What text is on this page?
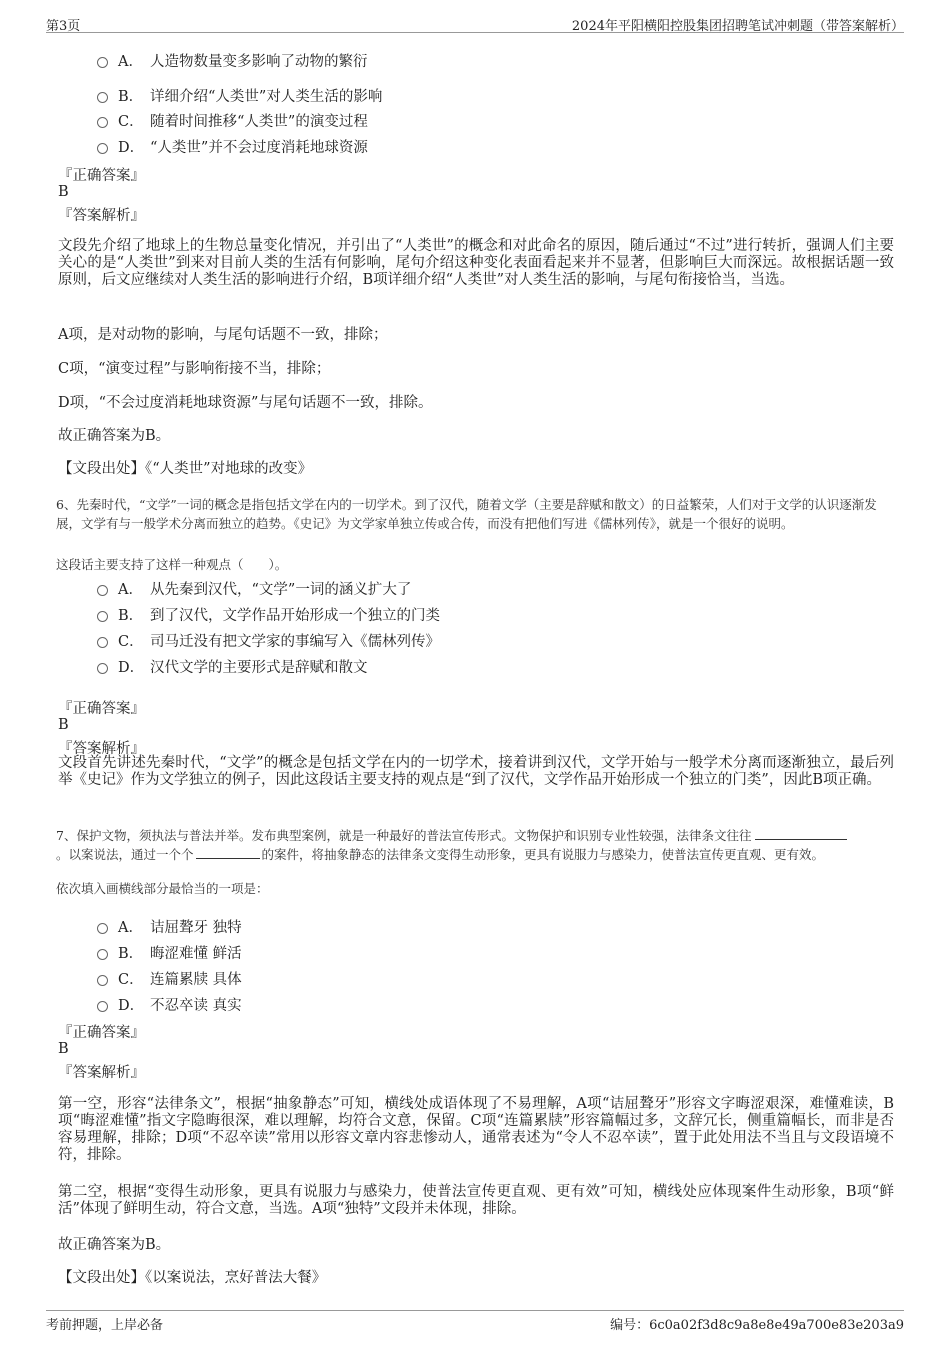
第3页	2024年平阳横阳控股集团招聘笔试冲刺题（带答案解析）
A． 人造物数量变多影响了动物的繁衍
B． 详细介绍“人类世”对人类生活的影响
C． 随着时间推移“人类世”的演变过程
D． “人类世”并不会过度消耗地球资源
『正确答案』
B
『答案解析』
文段先介绍了地球上的生物总量变化情况，并引出了“人类世”的概念和对此命名的原因，随后通过“不过”进行转折，强调人们主要关心的是“人类世”到来对目前人类的生活有何影响，尾句介绍这种变化表面看起来并不显著，但影响巨大而深远。故根据话题一致原则，后文应继续对人类生活的影响进行介绍，B项详细介绍“人类世”对人类生活的影响，与尾句衔接恰当，当选。
A项，是对动物的影响，与尾句话题不一致，排除；
C项，“演变过程”与影响衔接不当，排除；
D项，“不会过度消耗地球资源”与尾句话题不一致，排除。
故正确答案为B。
【文段出处】《“人类世”对地球的改变》
6、先秦时代，“文学”一词的概念是指包括文学在内的一切学术。到了汉代，随着文学（主要是辞赋和散文）的日益繁荣，人们对于文学的认识逐渐发展，文学有与一般学术分离而独立的趋势。《史记》为文学家单独立传或合传，而没有把他们写进《儒林列传》，就是一个很好的说明。
这段话主要支持了这样一种观点（　　）。
A． 从先秦到汉代，“文学”一词的涵义扩大了
B． 到了汉代，文学作品开始形成一个独立的门类
C． 司马迁没有把文学家的事编写入《儒林列传》
D． 汉代文学的主要形式是辞赋和散文
『正确答案』
B
『答案解析』
文段首先讲述先秦时代，“文学”的概念是包括文学在内的一切学术，接着讲到汉代，文学开始与一般学术分离而逐渐独立，最后列举《史记》作为文学独立的例子，因此这段话主要支持的观点是“到了汉代，文学作品开始形成一个独立的门类”，因此B项正确。
7、保护文物，须执法与普法并举。发布典型案例，就是一种最好的普法宣传形式。文物保护和识别专业性较强，法律条文往往
。以案说法，通过一个个	的案件，将抽象静态的法律条文变得生动形象，更具有说服力与感染力，使普法宣传更直观、更有效。
依次填入画横线部分最恰当的一项是：
A． 诘屈聱牙 独特
B． 晦涩难懂 鲜活
C． 连篇累牍 具体
D． 不忍卒读 真实
『正确答案』
B
『答案解析』
第一空，形容“法律条文”，根据“抽象静态”可知，横线处成语体现了不易理解，A项“诘屈聱牙”形容文字晦涩艰深，难懂难读，B项“晦涩难懂”指文字隐晦很深，难以理解，均符合文意，保留。C项“连篇累牍”形容篇幅过多，文辞冗长，侧重篇幅长，而非是否容易理解，排除；D项“不忍卒读”常用以形容文章内容悲惨动人，通常表述为“令人不忍卒读”，置于此处用法不当且与文段语境不符，排除。
第二空，根据“变得生动形象，更具有说服力与感染力，使普法宣传更直观、更有效”可知，横线处应体现案件生动形象，B项“鲜活”体现了鲜明生动，符合文意，当选。A项“独特”文段并未体现，排除。
故正确答案为B。
【文段出处】《以案说法，烹好普法大餐》
考前押题，上岸必备	编号：6c0a02f3d8c9a8e8e49a700e83e203a9
